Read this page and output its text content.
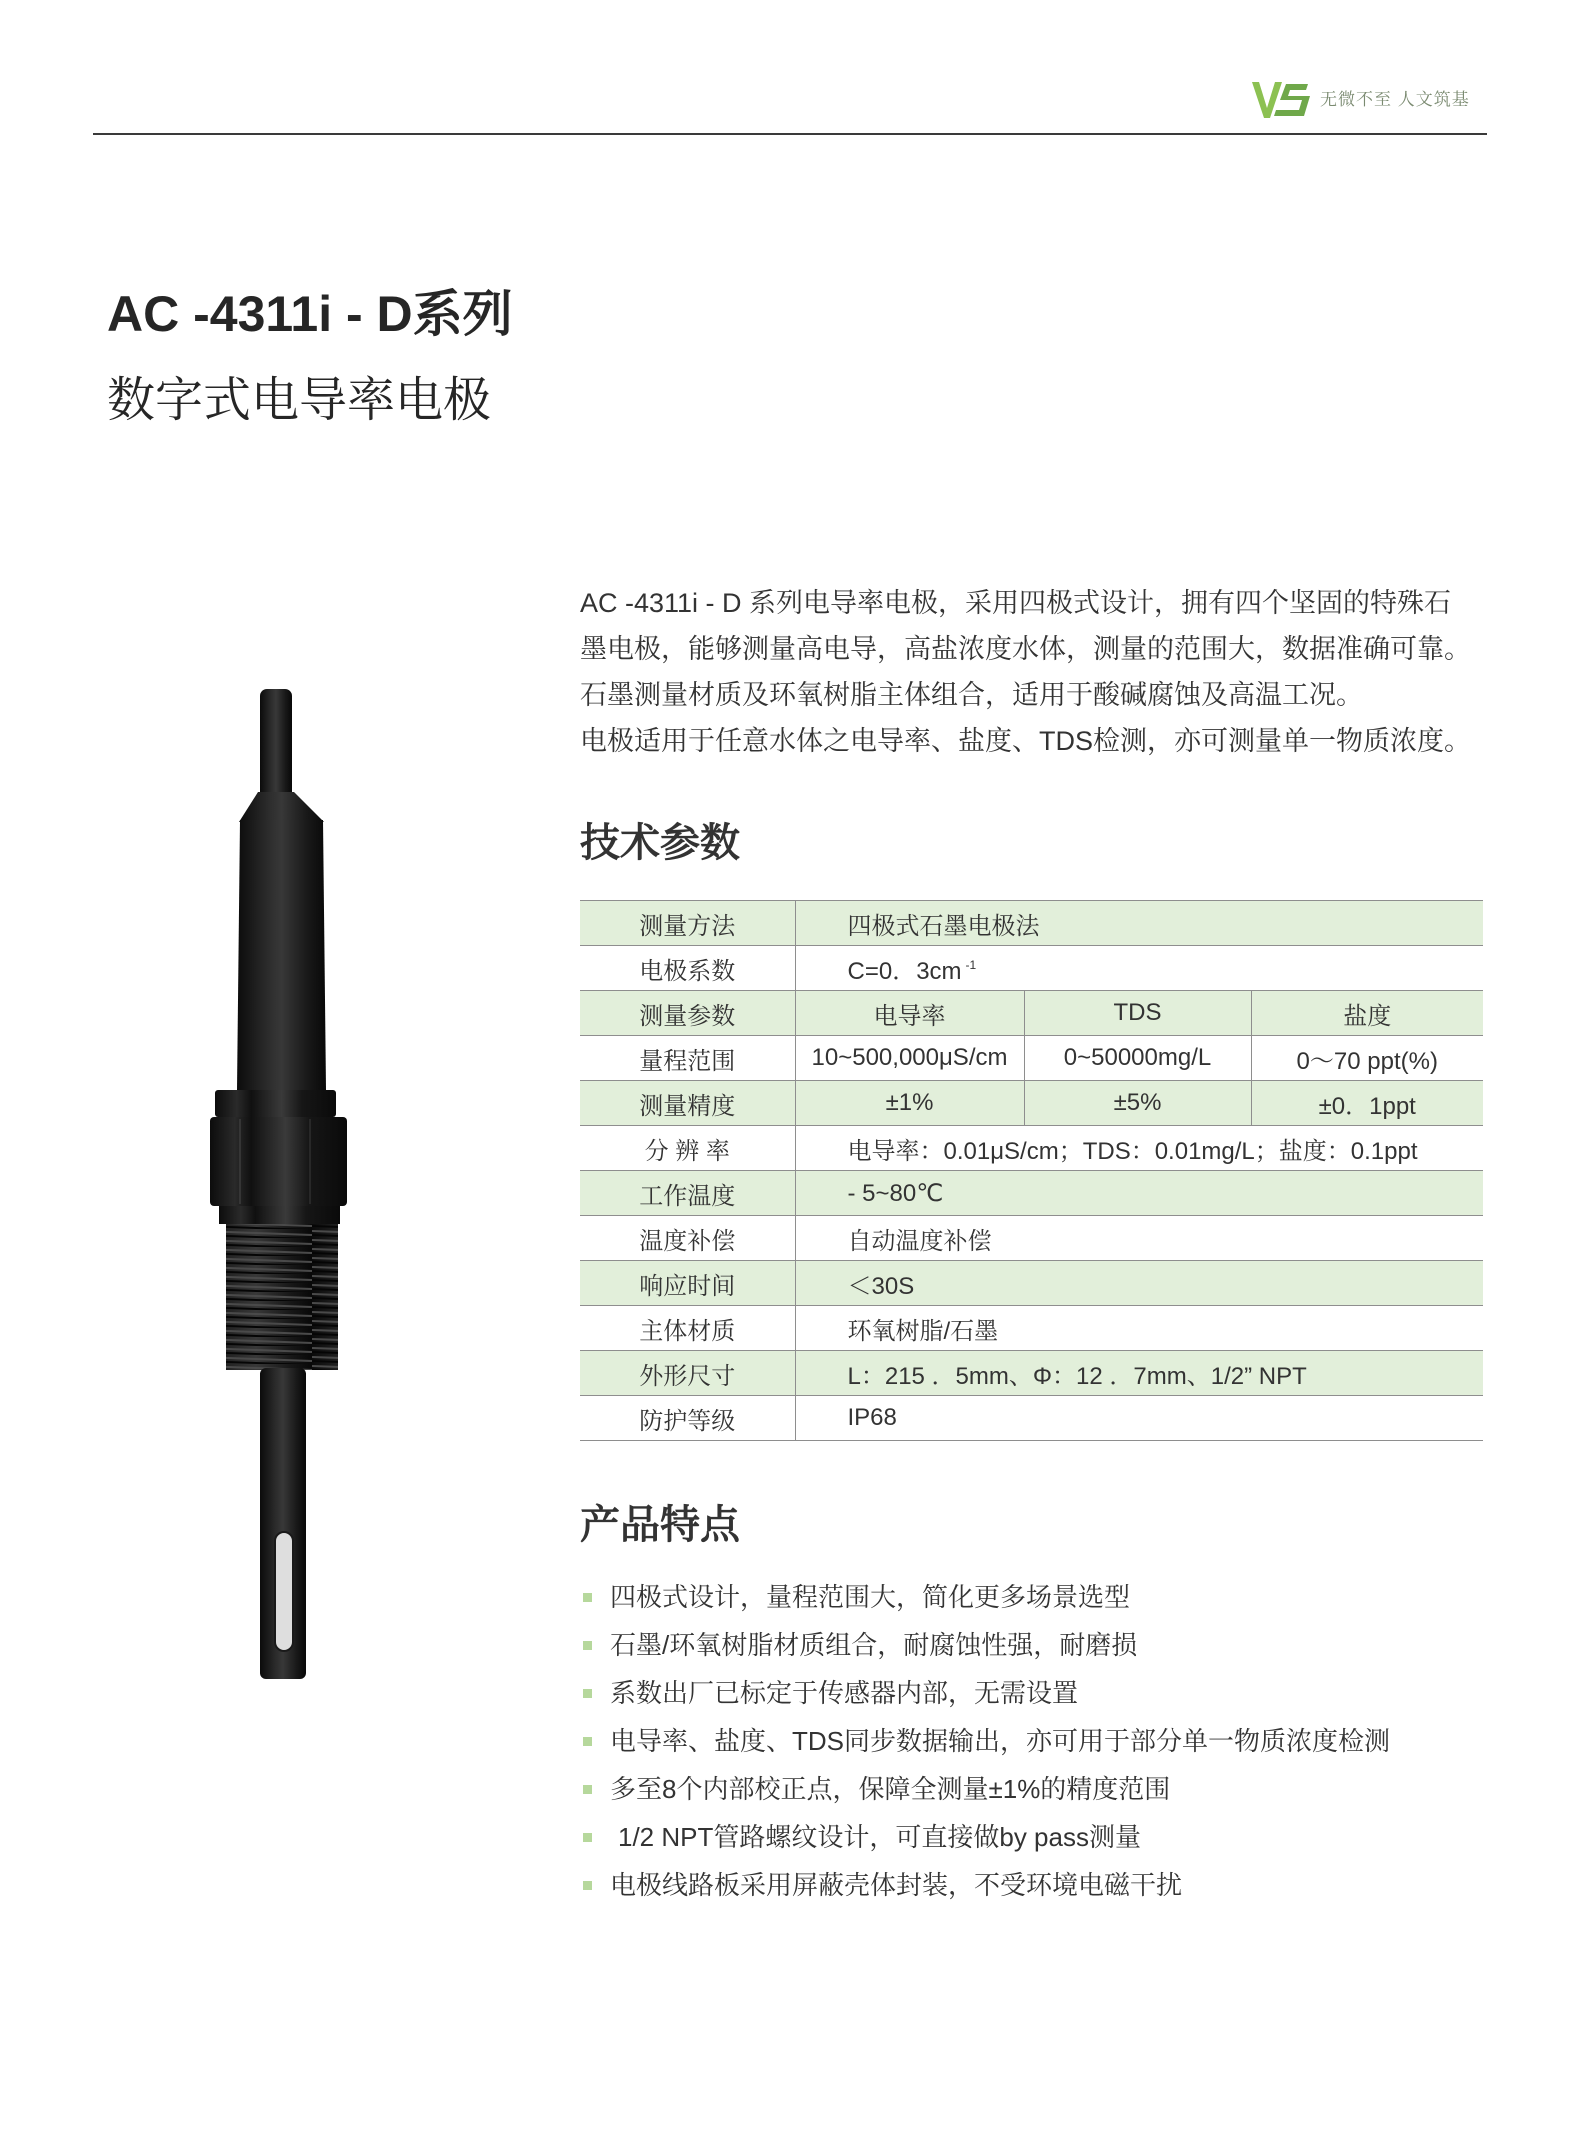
无微不至 人文筑基
AC -4311i - D系列
数字式电导率电极
AC -4311i - D 系列电导率电极，采用四极式设计，拥有四个坚固的特殊石
墨电极，能够测量高电导，高盐浓度水体，测量的范围大，数据准确可靠。
石墨测量材质及环氧树脂主体组合，适用于酸碱腐蚀及高温工况。
电极适用于任意水体之电导率、盐度、TDS检测，亦可测量单一物质浓度。
技术参数
测量方法	四极式石墨电极法		
电极系数	C=0．3cm $^{-1}$
测量参数	电导率	TDS	盐度
量程范围	10~500,000μS/cm	0~50000mg/L	0～70 ppt(%)
测量精度	±1%	±5%	±0．1ppt
分 辨 率	电导率：0.01μS/cm；TDS：0.01mg/L；盐度：0.1ppt		
工作温度	- 5~80℃		
温度补偿	自动温度补偿		
响应时间	＜30S		
主体材质	环氧树脂/石墨		
外形尺寸	L：215 ．5mm、Φ：12 ．7mm、1/2” NPT		
防护等级	IP68		
产品特点
四极式设计，量程范围大，简化更多场景选型
石墨/环氧树脂材质组合，耐腐蚀性强，耐磨损
系数出厂已标定于传感器内部，无需设置
电导率、盐度、TDS同步数据输出，亦可用于部分单一物质浓度检测
多至8个内部校正点，保障全测量±1%的精度范围
1/2 NPT管路螺纹设计，可直接做by pass测量
电极线路板采用屏蔽壳体封装，不受环境电磁干扰
